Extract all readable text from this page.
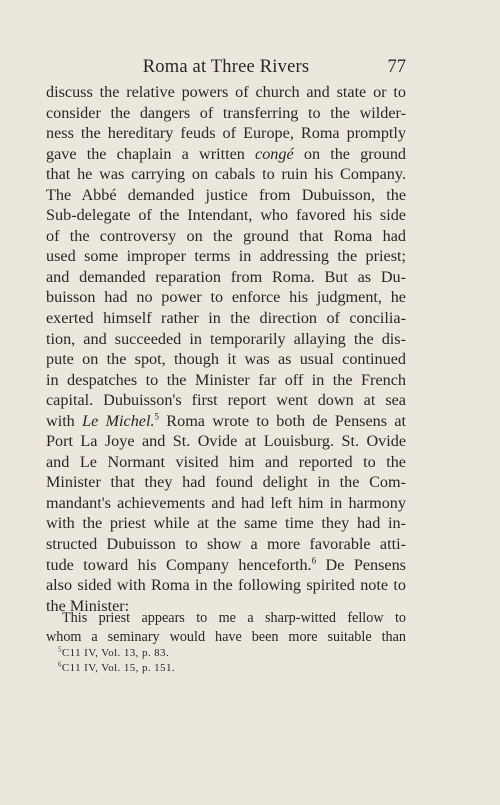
Roma at Three Rivers	77
discuss the relative powers of church and state or to
consider the dangers of transferring to the wilder-
ness the hereditary feuds of Europe, Roma promptly
gave the chaplain a written congé on the ground
that he was carrying on cabals to ruin his Company.
The Abbé demanded justice from Dubuisson, the
Sub-delegate of the Intendant, who favored his side
of the controversy on the ground that Roma had
used some improper terms in addressing the priest;
and demanded reparation from Roma. But as Du-
buisson had no power to enforce his judgment, he
exerted himself rather in the direction of concilia-
tion, and succeeded in temporarily allaying the dis-
pute on the spot, though it was as usual continued
in despatches to the Minister far off in the French
capital. Dubuisson's first report went down at sea
with Le Michel.$^5$ Roma wrote to both de Pensens at
Port La Joye and St. Ovide at Louisburg. St. Ovide
and Le Normant visited him and reported to the
Minister that they had found delight in the Com-
mandant's achievements and had left him in harmony
with the priest while at the same time they had in-
structed Dubuisson to show a more favorable atti-
tude toward his Company henceforth.$^6$ De Pensens
also sided with Roma in the following spirited note to
the Minister:
This priest appears to me a sharp-witted fellow to
whom a seminary would have been more suitable than
$^5$C11 IV, Vol. 13, p. 83.
$^6$C11 IV, Vol. 15, p. 151.
